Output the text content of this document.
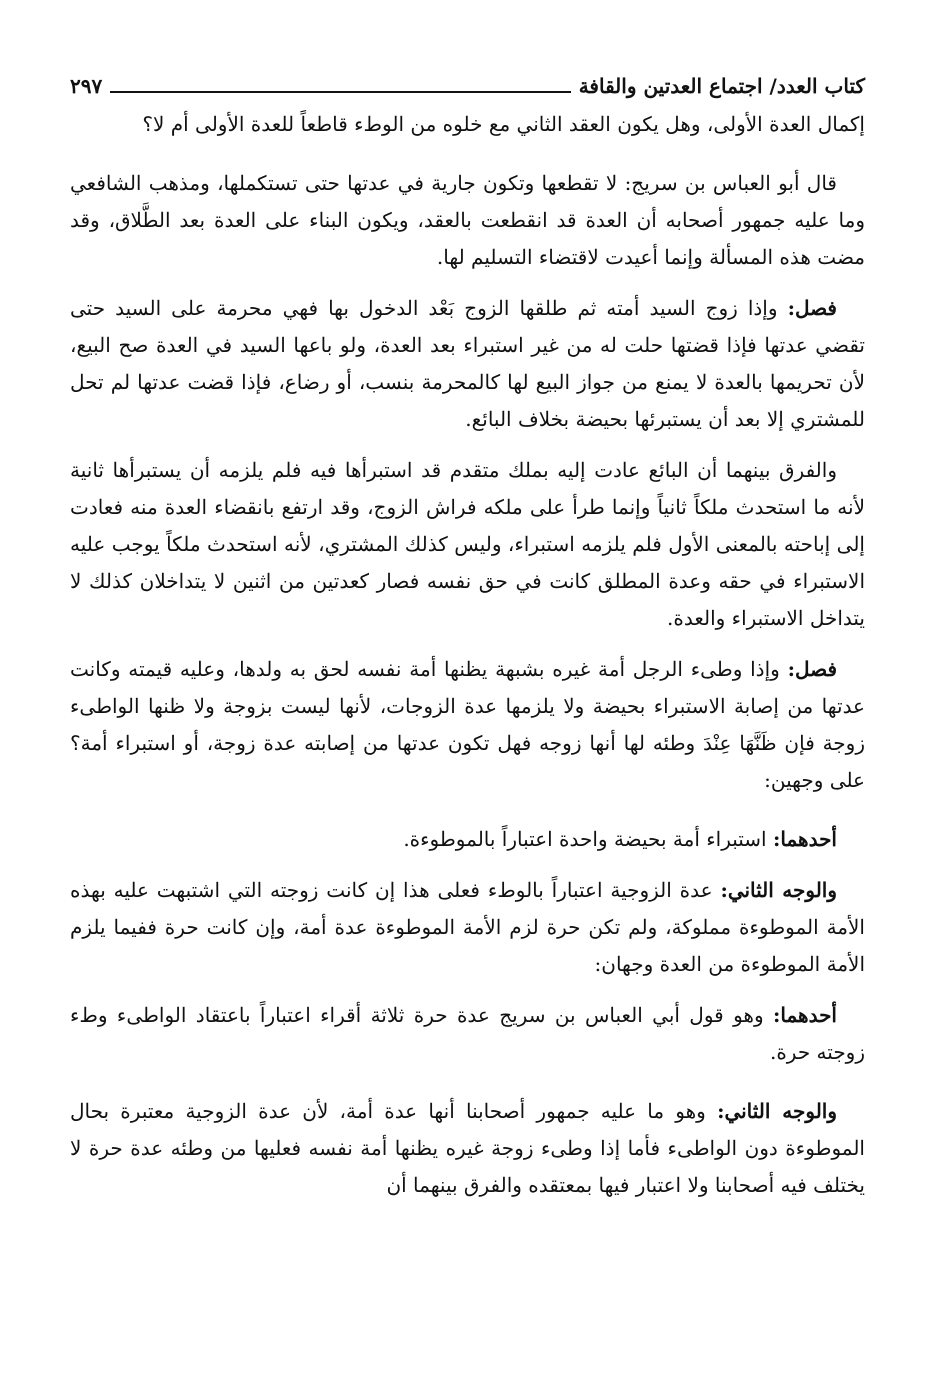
كتاب العدد/ اجتماع العدتين والقافة
٢٩٧

إكمال العدة الأولى، وهل يكون العقد الثاني مع خلوه من الوطء قاطعاً للعدة الأولى أم لا؟

قال أبو العباس بن سريج: لا تقطعها وتكون جارية في عدتها حتى تستكملها، ومذهب الشافعي وما عليه جمهور أصحابه أن العدة قد انقطعت بالعقد، ويكون البناء على العدة بعد الطَّلاق، وقد مضت هذه المسألة وإنما أعيدت لاقتضاء التسليم لها.

فصل: وإذا زوج السيد أمته ثم طلقها الزوج بَعْد الدخول بها فهي محرمة على السيد حتى تقضي عدتها فإذا قضتها حلت له من غير استبراء بعد العدة، ولو باعها السيد في العدة صح البيع، لأن تحريمها بالعدة لا يمنع من جواز البيع لها كالمحرمة بنسب، أو رضاع، فإذا قضت عدتها لم تحل للمشتري إلا بعد أن يستبرئها بحيضة بخلاف البائع.

والفرق بينهما أن البائع عادت إليه بملك متقدم قد استبرأها فيه فلم يلزمه أن يستبرأها ثانية لأنه ما استحدث ملكاً ثانياً وإنما طرأ على ملكه فراش الزوج، وقد ارتفع بانقضاء العدة منه فعادت إلى إباحته بالمعنى الأول فلم يلزمه استبراء، وليس كذلك المشتري، لأنه استحدث ملكاً يوجب عليه الاستبراء في حقه وعدة المطلق كانت في حق نفسه فصار كعدتين من اثنين لا يتداخلان كذلك لا يتداخل الاستبراء والعدة.

فصل: وإذا وطىء الرجل أمة غيره بشبهة يظنها أمة نفسه لحق به ولدها، وعليه قيمته وكانت عدتها من إصابة الاستبراء بحيضة ولا يلزمها عدة الزوجات، لأنها ليست بزوجة ولا ظنها الواطىء زوجة فإن ظَنَّهَا عِنْدَ وطئه لها أنها زوجه فهل تكون عدتها من إصابته عدة زوجة، أو استبراء أمة؟ على وجهين:

أحدهما: استبراء أمة بحيضة واحدة اعتباراً بالموطوءة.

والوجه الثاني: عدة الزوجية اعتباراً بالوطء فعلى هذا إن كانت زوجته التي اشتبهت عليه بهذه الأمة الموطوءة مملوكة، ولم تكن حرة لزم الأمة الموطوءة عدة أمة، وإن كانت حرة ففيما يلزم الأمة الموطوءة من العدة وجهان:

أحدهما: وهو قول أبي العباس بن سريج عدة حرة ثلاثة أقراء اعتباراً باعتقاد الواطىء وطء زوجته حرة.

والوجه الثاني: وهو ما عليه جمهور أصحابنا أنها عدة أمة، لأن عدة الزوجية معتبرة بحال الموطوءة دون الواطىء فأما إذا وطىء زوجة غيره يظنها أمة نفسه فعليها من وطئه عدة حرة لا يختلف فيه أصحابنا ولا اعتبار فيها بمعتقده والفرق بينهما أن
